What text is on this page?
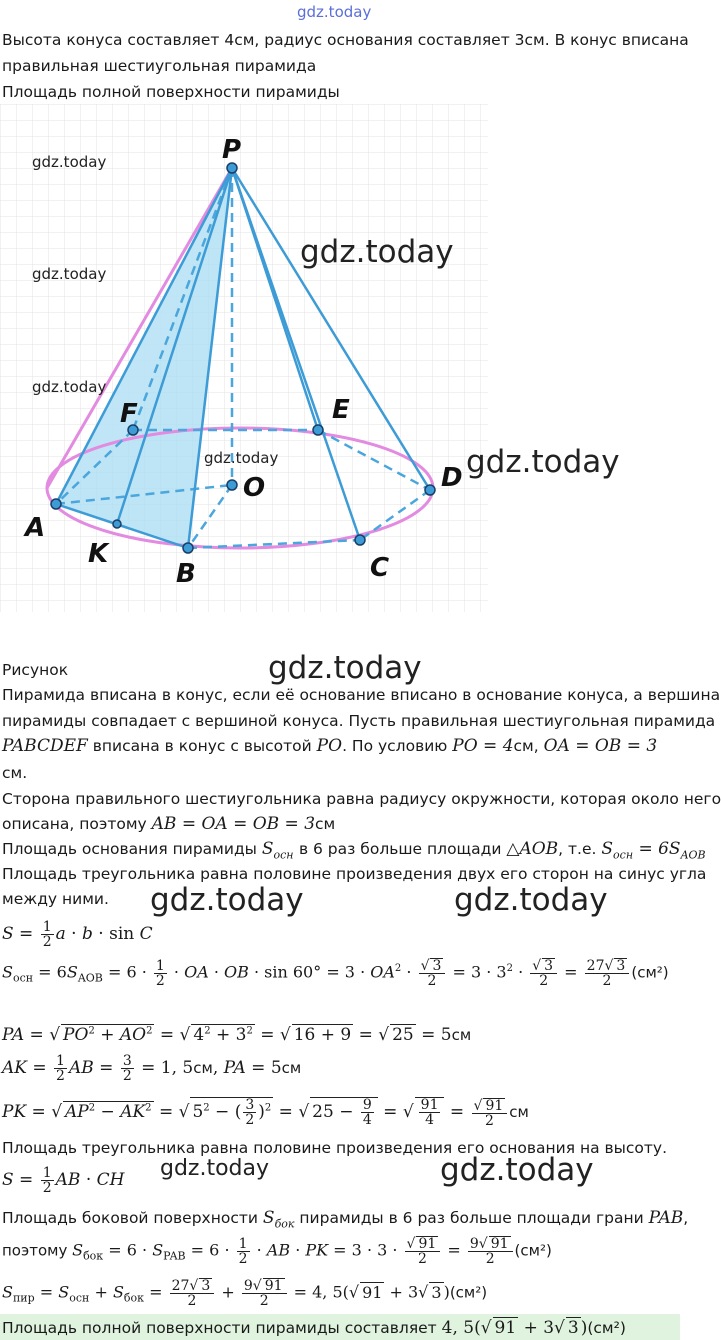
gdz.today
Высота конуса составляет 4см, радиус основания составляет 3см. В конус вписана
правильная шестиугольная пирамида
Площадь полной поверхности пирамиды
P
F	E
D
O
A
K
B	C
gdz.today
gdz.today
gdz.today
gdz.today
gdz.today
gdz.today
Рисунок	gdz.today
Пирамида вписана в конус, если её основание вписано в основание конуса, а вершина
пирамиды совпадает с вершиной конуса. Пусть правильная шестиугольная пирамида
PABCDEF вписана в конус с высотой PO. По условию PO = 4см, OA = OB = 3
см.
Сторона правильного шестиугольника равна радиусу окружности, которая около него
описана, поэтому AB = OA = OB = 3см
Площадь основания пирамиды $S_{осн}$ в 6 раз больше площади △AOB, т.е. $S_{осн} = 6S_{AOB}$
Площадь треугольника равна половине произведения двух его сторон на синус угла
между ними. gdz.today	gdz.today
$S = \frac{1}{2}$ a · b · sin C
$S_{осн} = 6S_{AOB} = 6 \cdot \frac{1}{2}$ · OA · OB · $\sin 60^\circ = 3 \cdot OA^2 \cdot \frac{√ 3}{2} = 3 \cdot 3^2 \cdot \frac{√ 3}{2} = \frac{27√ 3}{2} (см^2)$
PA = √ $PO^2 + AO^2$ = √ $4^2 + 3^2$ = √ 16 + 9 = √ 25 = 5см
AK = $\frac{1}{2}$ AB = $\frac{3}{2} = 1$, 5см, PA = 5см
PK = √ $AP^2 - AK^2$ = √ $5^2$ − ( $\frac{3}{2} )^2$ = √ $25 - \frac{9}{4}$ = √ $\frac{91}{4} = \frac{√ 91}{2}$ см
Площадь треугольника равна половине произведения его основания на высоту.
gdz.today	gdz.today
$S = \frac{1}{2}$ AB · CH
Площадь боковой поверхности $S_{бок}$ пирамиды в 6 раз больше площади грани PAB,
поэтому $S_{бок} = 6 \cdot S_{PAB} = 6 \cdot \frac{1}{2}$ · AB · PK = $3 \cdot 3 \cdot \frac{√ 91}{2} = \frac{9√ 91}{2} (см^2)$
$S_{пир} = S_{осн} + S_{бок} = \frac{27√ 3}{2} + \frac{9√ 91}{2} = 4$, 5(√ 91 + 3√ 3 )(см²)
Площадь полной поверхности пирамиды составляет 4, 5(√ 91 + 3√ 3 )(см²)
